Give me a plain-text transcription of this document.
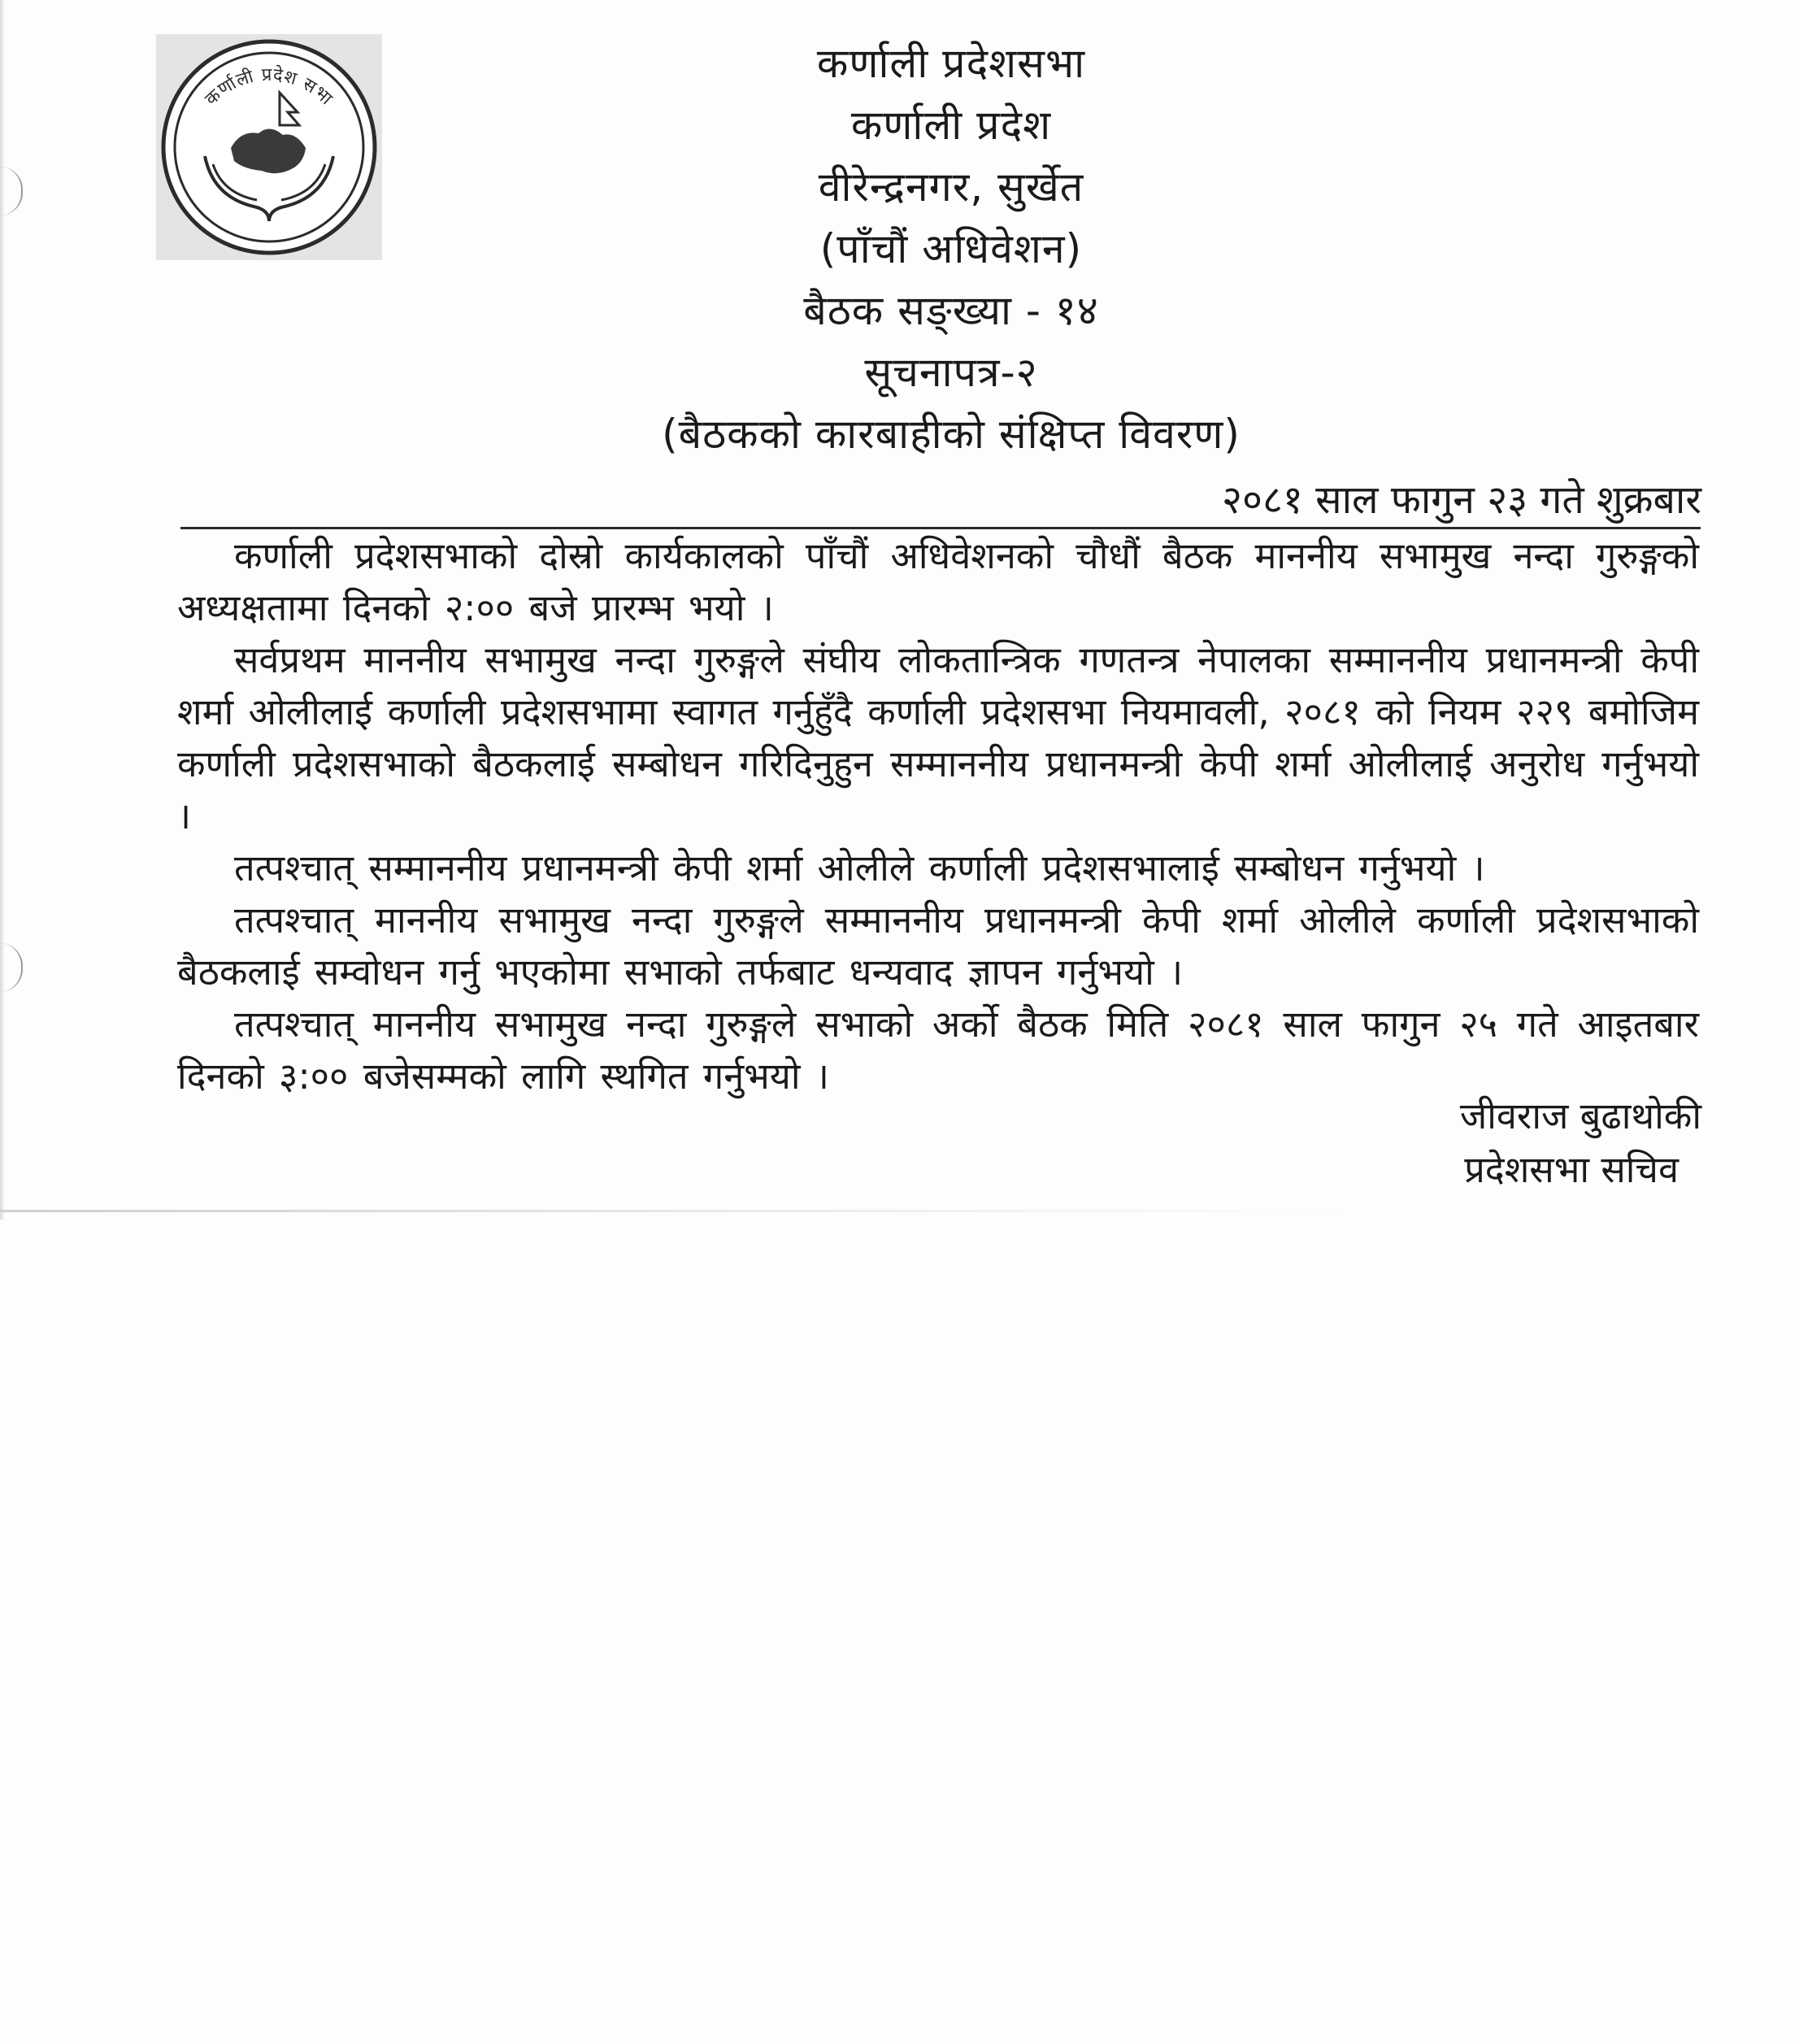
कर्णाली प्रदेश सभा
कर्णाली प्रदेशसभा
कर्णाली प्रदेश
वीरेन्द्रनगर, सुर्खेत
(पाँचौं अधिवेशन)
बैठक सङ्ख्या - १४
सूचनापत्र-२
(बैठकको कारबाहीको संक्षिप्त विवरण)
२०८१ साल फागुन २३ गते शुक्रबार

कर्णाली प्रदेशसभाको दोस्रो कार्यकालको पाँचौं अधिवेशनको चौधौं बैठक माननीय सभामुख नन्दा गुरुङ्गको अध्यक्षतामा दिनको २:०० बजे प्रारम्भ भयो ।

सर्वप्रथम माननीय सभामुख नन्दा गुरुङ्गले संघीय लोकतान्त्रिक गणतन्त्र नेपालका सम्माननीय प्रधानमन्त्री केपी शर्मा ओलीलाई कर्णाली प्रदेशसभामा स्वागत गर्नुहुँदै कर्णाली प्रदेशसभा नियमावली, २०८१ को नियम २२९ बमोजिम कर्णाली प्रदेशसभाको बैठकलाई सम्बोधन गरिदिनुहुन सम्माननीय प्रधानमन्त्री केपी शर्मा ओलीलाई अनुरोध गर्नुभयो ।

तत्पश्चात् सम्माननीय प्रधानमन्त्री केपी शर्मा ओलीले कर्णाली प्रदेशसभालाई सम्बोधन गर्नुभयो ।

तत्पश्चात् माननीय सभामुख नन्दा गुरुङ्गले सम्माननीय प्रधानमन्त्री केपी शर्मा ओलीले कर्णाली प्रदेशसभाको बैठकलाई सम्वोधन गर्नु भएकोमा सभाको तर्फबाट धन्यवाद ज्ञापन गर्नुभयो ।

तत्पश्चात् माननीय सभामुख नन्दा गुरुङ्गले सभाको अर्को बैठक मिति २०८१ साल फागुन २५ गते आइतबार दिनको ३:०० बजेसम्मको लागि स्थगित गर्नुभयो ।

जीवराज बुढाथोकी
प्रदेशसभा सचिव
